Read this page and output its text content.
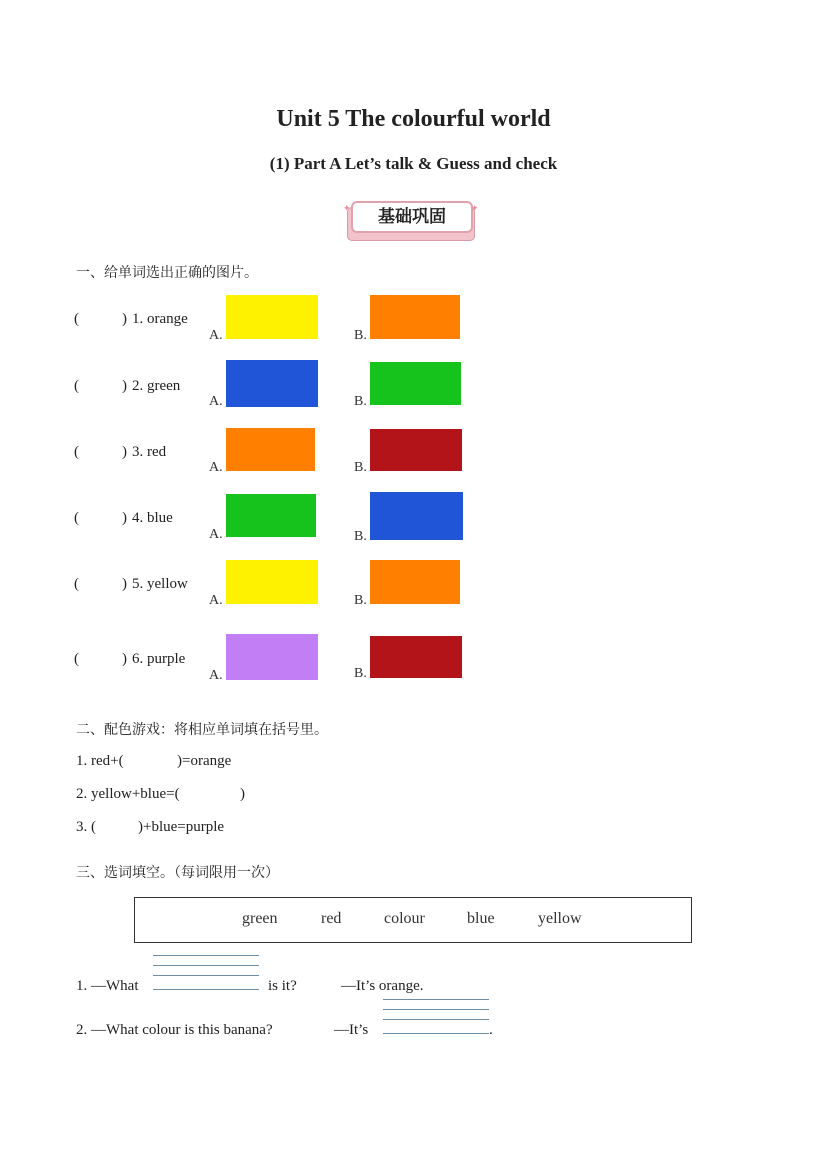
Unit 5 The colourful world
(1) Part A Let’s talk & Guess and check
基础巩固
✦	✦
一、给单词选出正确的图片。
(	) 1. orange
A.	B.
(	) 2. green
A.	B.
(	) 3. red
A.	B.
(	) 4. blue
A.	B.
(	) 5. yellow
A.	B.
(	) 6. purple
A.	B.
二、配色游戏：将相应单词填在括号里。
1. red+(	)=orange
2. yellow+blue=(	)
3. (	)+blue=purple
三、选词填空。（每词限用一次）
green	red	colour	blue	yellow
1. —What	is it?	—It’s orange.
2. —What colour is this banana?	—It’s	.
